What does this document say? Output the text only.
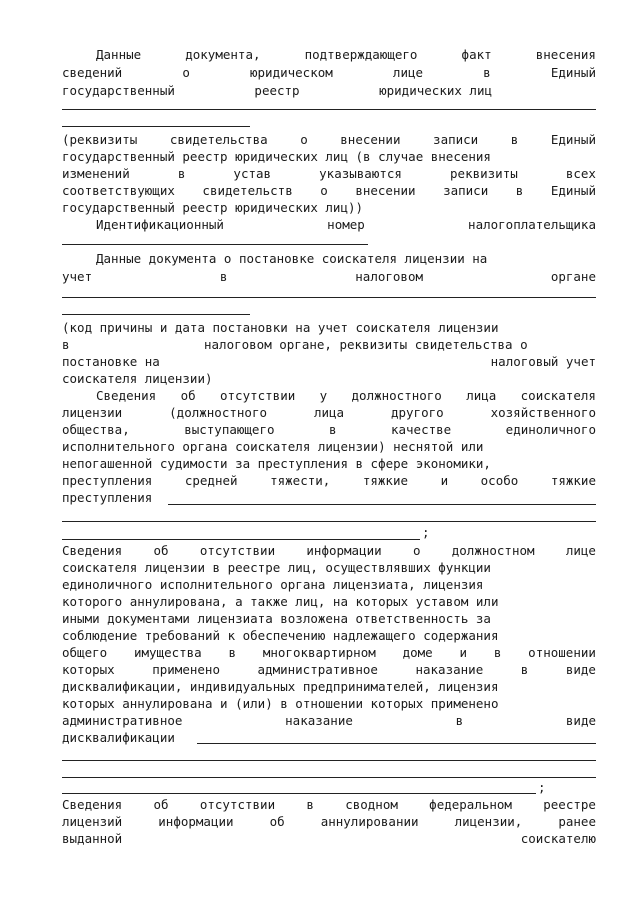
Данные	документа,	подтверждающего	факт	внесения
сведений	о	юридическом	лице	в	Единый
государственный	реестр	юридических лиц
(реквизиты	свидетельства	о	внесении	записи	в	Единый
государственный реестр юридических лиц (в случае внесения
изменений	в	устав	указываются	реквизиты	всех
соответствующих свидетельств о внесении записи в Единый
государственный реестр юридических лиц))
Идентификационный	номер	налогоплательщика
Данные документа о постановке соискателя лицензии на
учет	в	налоговом	органе
(код причины и дата постановки на учет соискателя лицензии
в	налоговом органе, реквизиты свидетельства о
постановке на	налоговый учет
соискателя лицензии)
Сведения об отсутствии у должностного лица соискателя
лицензии	(должностного	лица	другого	хозяйственного
общества,	выступающего	в	качестве	единоличного
исполнительного органа соискателя лицензии) неснятой или
непогашенной судимости за преступления в сфере экономики,
преступления	средней	тяжести,	тяжкие	и	особо	тяжкие
преступления
;
Сведения	об	отсутствии	информации	о	должностном	лице
соискателя лицензии в реестре лиц, осуществлявших функции
единоличного исполнительного органа лицензиата, лицензия
которого аннулирована, а также лиц, на которых уставом или
иными документами лицензиата возложена ответственность за
соблюдение требований к обеспечению надлежащего содержания
общего имущества в многоквартирном доме и в отношении
которых	применено	административное	наказание	в	виде
дисквалификации, индивидуальных предпринимателей, лицензия
которых аннулирована и (или) в отношении которых применено
административное	наказание	в	виде
дисквалификации
;
Сведения	об	отсутствии	в	сводном	федеральном	реестре
лицензий	информации	об	аннулировании	лицензии,	ранее
выданной	соискателю
